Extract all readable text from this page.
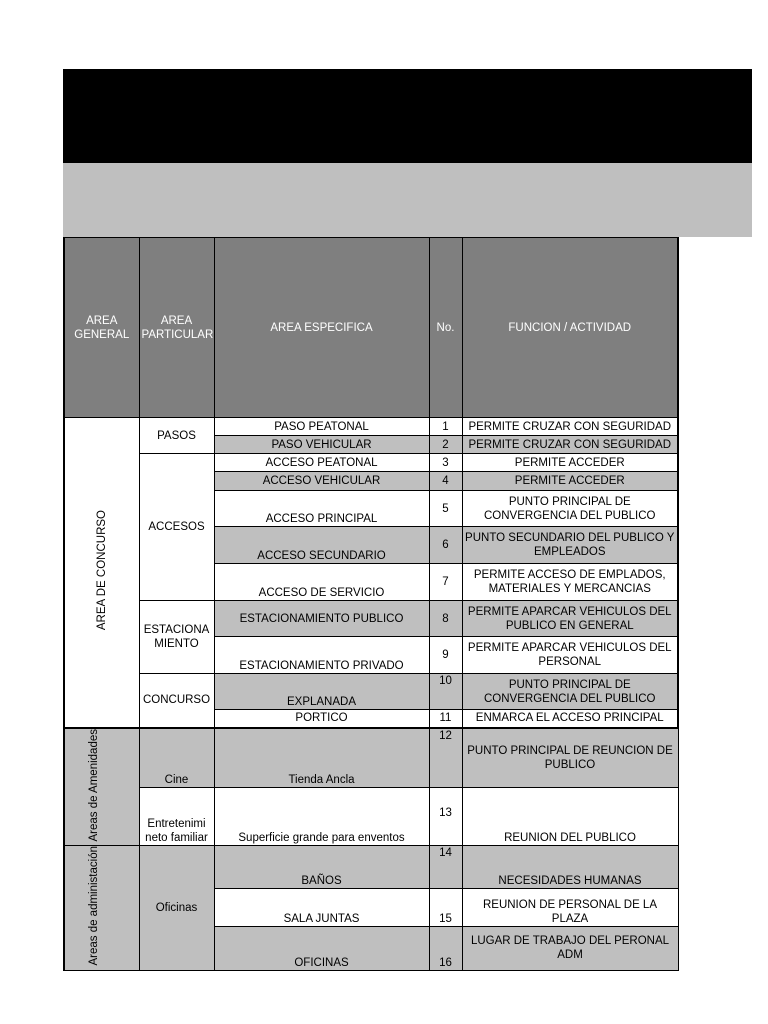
AREA GENERAL	AREA PARTICULAR	AREA ESPECIFICA	No.	FUNCION / ACTIVIDAD
AREA DE CONCURSO	PASOS	PASO PEATONAL	1	PERMITE CRUZAR CON SEGURIDAD
		PASO VEHICULAR	2	PERMITE CRUZAR CON SEGURIDAD
	ACCESOS	ACCESO PEATONAL	3	PERMITE ACCEDER
		ACCESO VEHICULAR	4	PERMITE ACCEDER
		ACCESO PRINCIPAL	5	PUNTO PRINCIPAL DE CONVERGENCIA DEL PUBLICO
		ACCESO SECUNDARIO	6	PUNTO SECUNDARIO DEL PUBLICO Y EMPLEADOS
		ACCESO DE SERVICIO	7	PERMITE ACCESO DE EMPLADOS, MATERIALES Y MERCANCIAS
	ESTACIONA MIENTO	ESTACIONAMIENTO PUBLICO	8	PERMITE APARCAR VEHICULOS DEL PUBLICO EN GENERAL
		ESTACIONAMIENTO PRIVADO	9	PERMITE APARCAR VEHICULOS DEL PERSONAL
	CONCURSO	EXPLANADA	10	PUNTO PRINCIPAL DE CONVERGENCIA DEL PUBLICO
		PORTICO	11	ENMARCA EL ACCESO PRINCIPAL
Areas de Amenidades	Cine	Tienda Ancla	12	PUNTO PRINCIPAL DE REUNCION DE PUBLICO
	Entretenimi neto familiar	Superficie grande para enventos	13	REUNION DEL PUBLICO
Areas de administación	Oficinas	BAÑOS	14	NECESIDADES HUMANAS
		SALA JUNTAS	15	REUNION DE PERSONAL DE LA PLAZA
		OFICINAS	16	LUGAR DE TRABAJO DEL PERONAL ADM
